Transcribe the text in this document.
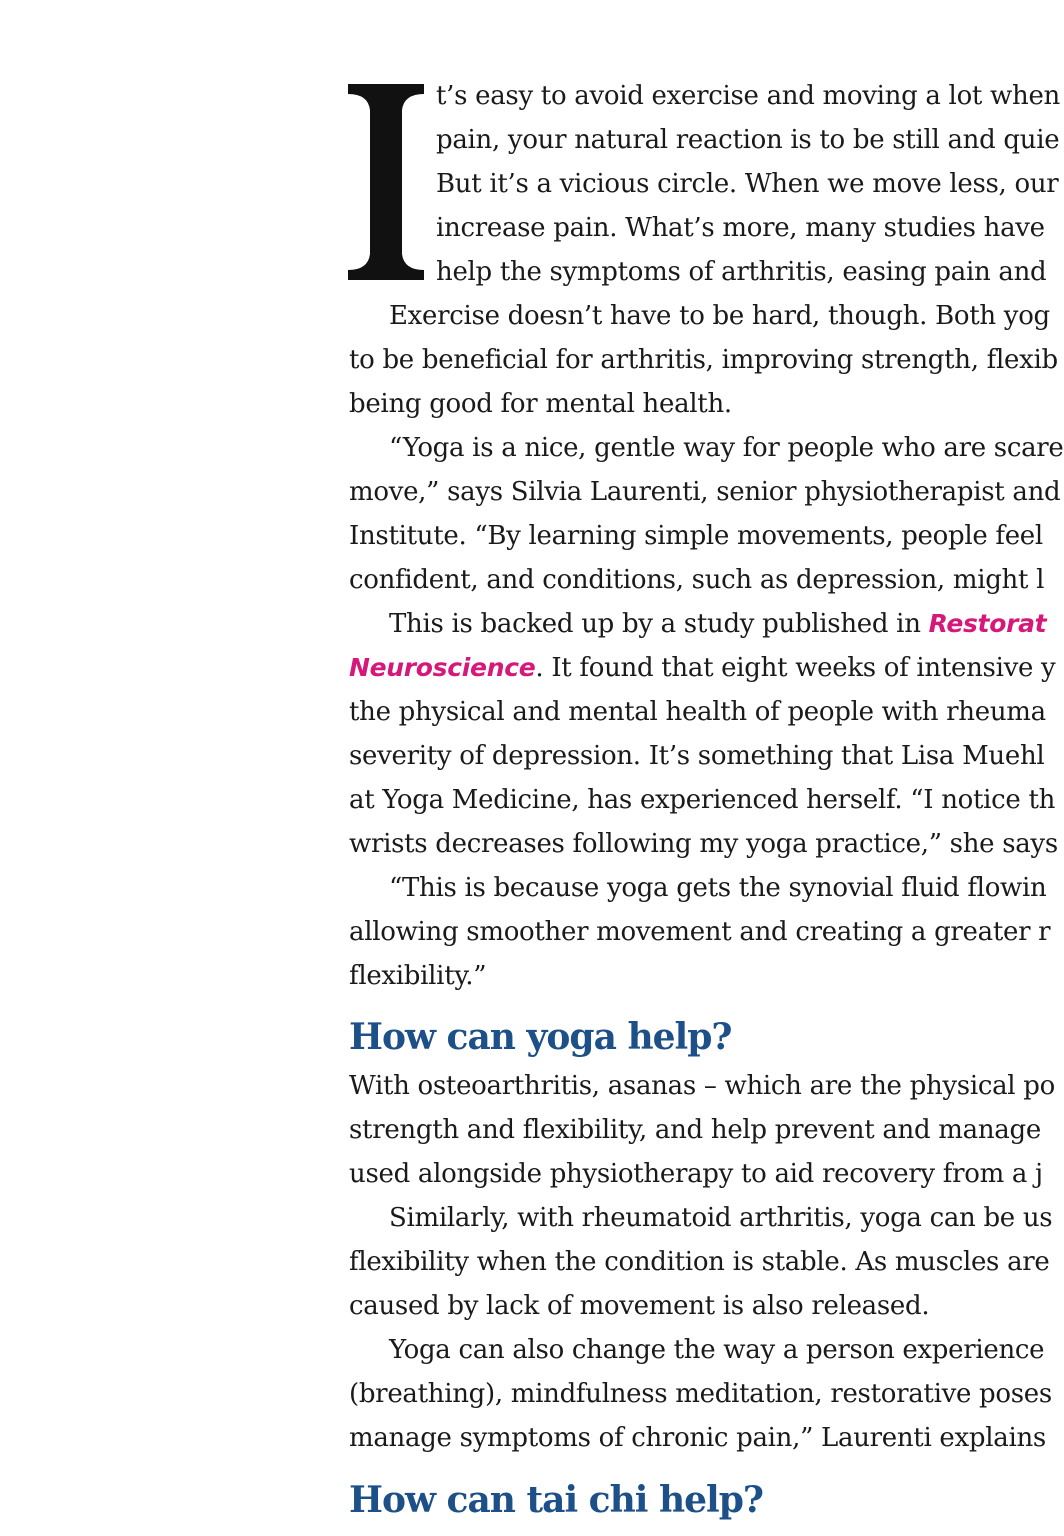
t’s easy to avoid exercise and moving a lot when
pain, your natural reaction is to be still and quie
But it’s a vicious circle. When we move less, our
increase pain. What’s more, many studies have
help the symptoms of arthritis, easing pain and
Exercise doesn’t have to be hard, though. Both yog
to be beneficial for arthritis, improving strength, flexib
being good for mental health.
“Yoga is a nice, gentle way for people who are scare
move,” says Silvia Laurenti, senior physiotherapist and
Institute. “By learning simple movements, people feel
confident, and conditions, such as depression, might l
This is backed up by a study published in Restorat
Neuroscience. It found that eight weeks of intensive y
the physical and mental health of people with rheuma
severity of depression. It’s something that Lisa Muehl
at Yoga Medicine, has experienced herself. “I notice th
wrists decreases following my yoga practice,” she says
“This is because yoga gets the synovial fluid flowin
allowing smoother movement and creating a greater r
flexibility.”
How can yoga help?
With osteoarthritis, asanas – which are the physical po
strength and flexibility, and help prevent and manage
used alongside physiotherapy to aid recovery from a j
Similarly, with rheumatoid arthritis, yoga can be us
flexibility when the condition is stable. As muscles are
caused by lack of movement is also released.
Yoga can also change the way a person experience
(breathing), mindfulness meditation, restorative poses
manage symptoms of chronic pain,” Laurenti explains
How can tai chi help?
